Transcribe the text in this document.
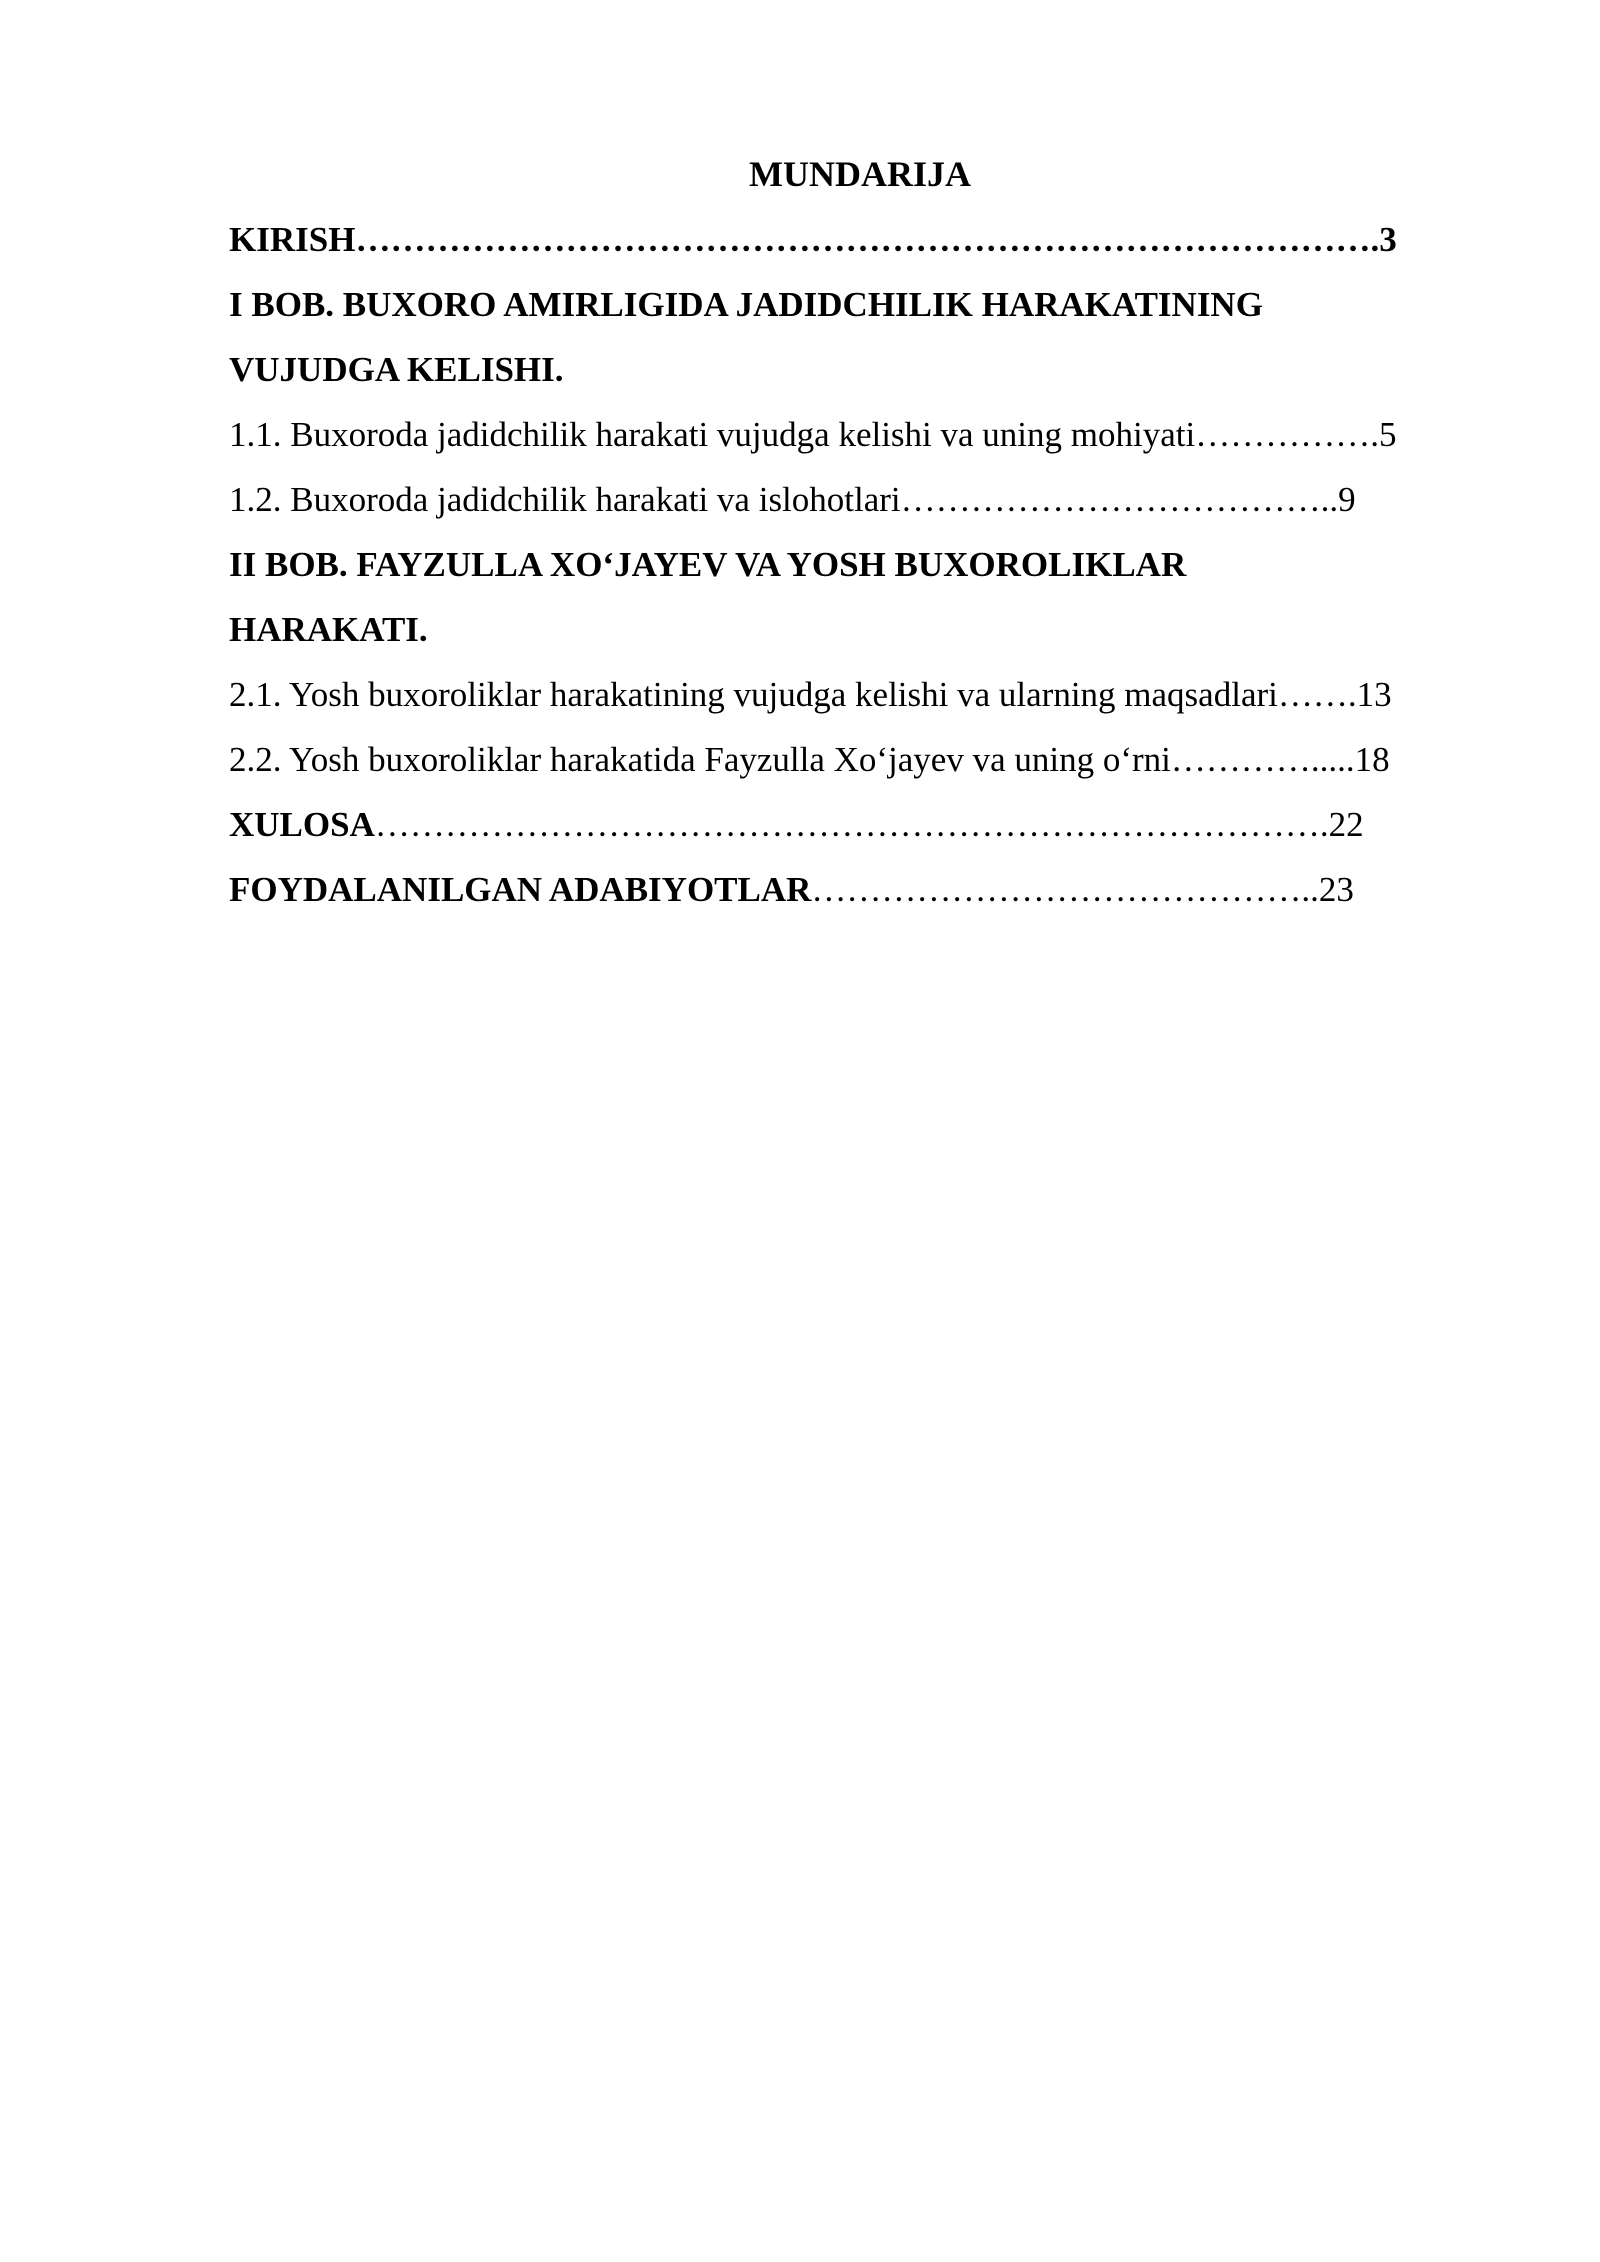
MUNDARIJA
KIRISH…………………………………………………………………………….3
I BOB. BUXORO AMIRLIGIDA JADIDCHILIK HARAKATINING
VUJUDGA KELISHI.
1.1. Buxoroda jadidchilik harakati vujudga kelishi va uning mohiyati…………….5
1.2. Buxoroda jadidchilik harakati va islohotlari………………………………..9
II BOB. FAYZULLA XO‘JAYEV VA YOSH BUXOROLIKLAR
HARAKATI.
2.1. Yosh buxoroliklar harakatining vujudga kelishi va ularning maqsadlari…….13
2.2. Yosh buxoroliklar harakatida Fayzulla Xo‘jayev va uning o‘rni………….....18
XULOSA……………………………………………………………………….22
FOYDALANILGAN ADABIYOTLAR……………………………………..23
